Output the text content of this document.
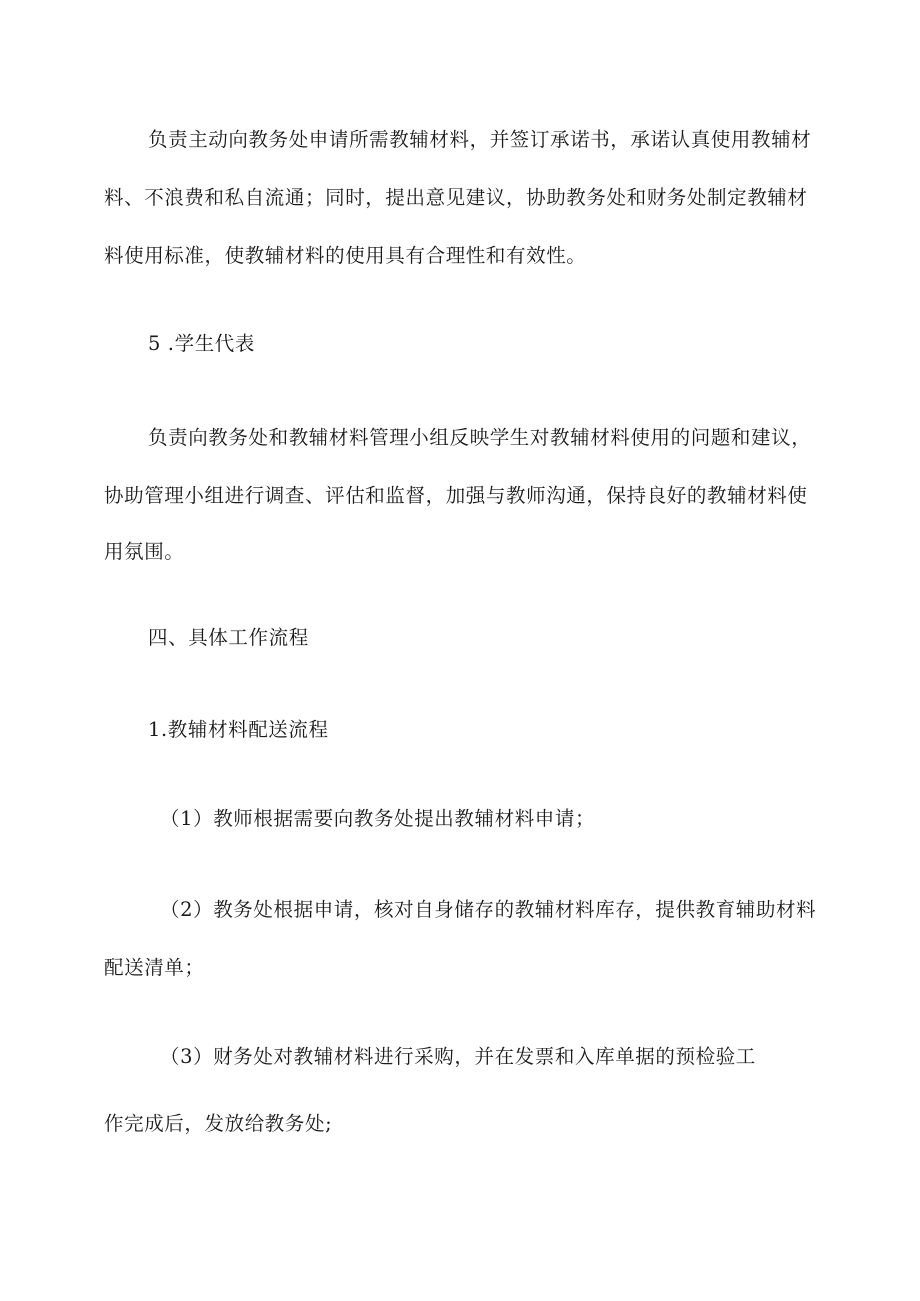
负责主动向教务处申请所需教辅材料，并签订承诺书，承诺认真使用教辅材
料、不浪费和私自流通；同时，提出意见建议，协助教务处和财务处制定教辅材
料使用标准，使教辅材料的使用具有合理性和有效性。
5 .学生代表
负责向教务处和教辅材料管理小组反映学生对教辅材料使用的问题和建议，
协助管理小组进行调查、评估和监督，加强与教师沟通，保持良好的教辅材料使
用氛围。
四、具体工作流程
1.教辅材料配送流程
（1）教师根据需要向教务处提出教辅材料申请；
（2）教务处根据申请，核对自身储存的教辅材料库存，提供教育辅助材料
配送清单；
（3）财务处对教辅材料进行采购，并在发票和入库单据的预检验工
作完成后，发放给教务处;
